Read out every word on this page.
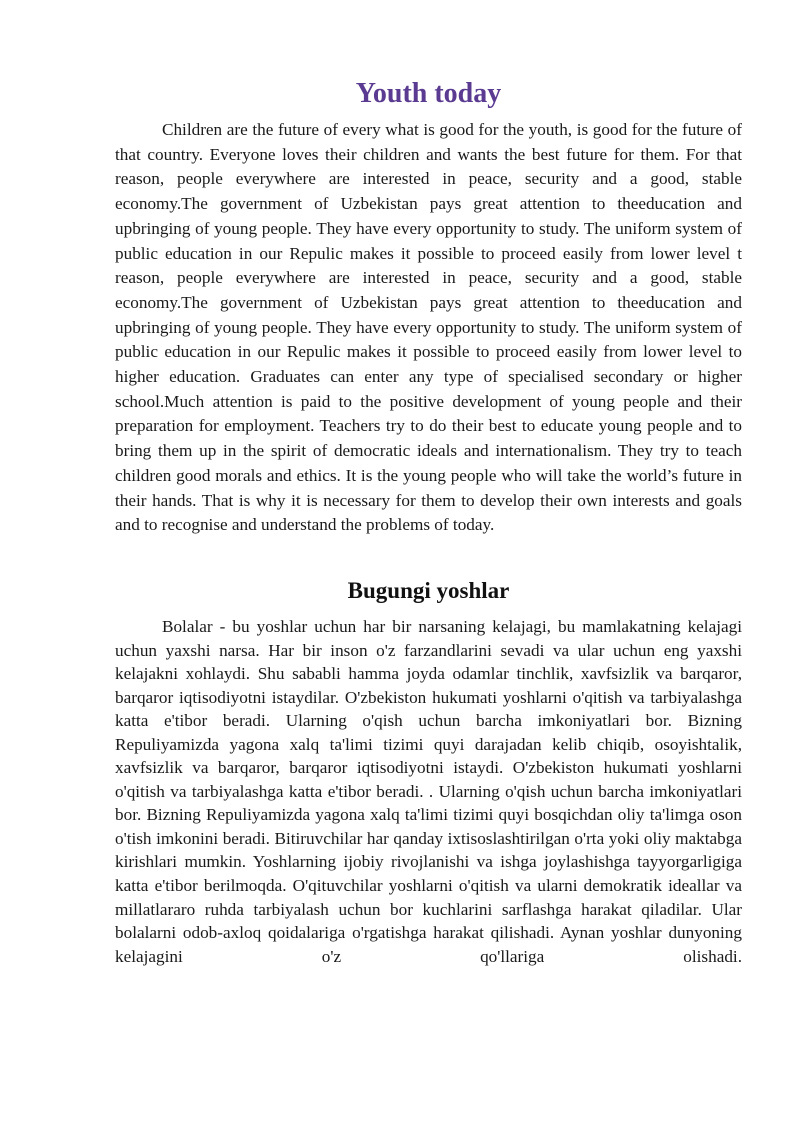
Youth today

Children are the future of every what is good for the youth, is good for the future of that country. Everyone loves their children and wants the best future for them. For that reason, people everywhere are interested in peace, security and a good, stable economy.The government of Uzbekistan pays great attention to theeducation and upbringing of young people. They have every opportunity to study. The uniform system of public education in our Repulic makes it possible to proceed easily from lower level t reason, people everywhere are interested in peace, security and a good, stable economy.The government of Uzbekistan pays great attention to theeducation and upbringing of young people. They have every opportunity to study. The uniform system of public education in our Repulic makes it possible to proceed easily from lower level to higher education. Graduates can enter any type of specialised secondary or higher school.Much attention is paid to the positive development of young people and their preparation for employment. Teachers try to do their best to educate young people and to bring them up in the spirit of democratic ideals and internationalism. They try to teach children good morals and ethics. It is the young people who will take the world’s future in their hands. That is why it is necessary for them to develop their own interests and goals and to recognise and understand the problems of today.

Bugungi yoshlar

Bolalar - bu yoshlar uchun har bir narsaning kelajagi, bu mamlakatning kelajagi uchun yaxshi narsa. Har bir inson o'z farzandlarini sevadi va ular uchun eng yaxshi kelajakni xohlaydi. Shu sababli hamma joyda odamlar tinchlik, xavfsizlik va barqaror, barqaror iqtisodiyotni istaydilar. O'zbekiston hukumati yoshlarni o'qitish va tarbiyalashga katta e'tibor beradi. Ularning o'qish uchun barcha imkoniyatlari bor. Bizning Repuliyamizda yagona xalq ta'limi tizimi quyi darajadan kelib chiqib, osoyishtalik, xavfsizlik va barqaror, barqaror iqtisodiyotni istaydi. O'zbekiston hukumati yoshlarni o'qitish va tarbiyalashga katta e'tibor beradi. . Ularning o'qish uchun barcha imkoniyatlari bor. Bizning Repuliyamizda yagona xalq ta'limi tizimi quyi bosqichdan oliy ta'limga oson o'tish imkonini beradi. Bitiruvchilar har qanday ixtisoslashtirilgan o'rta yoki oliy maktabga kirishlari mumkin. Yoshlarning ijobiy rivojlanishi va ishga joylashishga tayyorgarligiga katta e'tibor berilmoqda. O'qituvchilar yoshlarni o'qitish va ularni demokratik ideallar va millatlararo ruhda tarbiyalash uchun bor kuchlarini sarflashga harakat qiladilar. Ular bolalarni odob-axloq qoidalariga o'rgatishga harakat qilishadi. Aynan yoshlar dunyoning kelajagini o'z qo'llariga olishadi.
